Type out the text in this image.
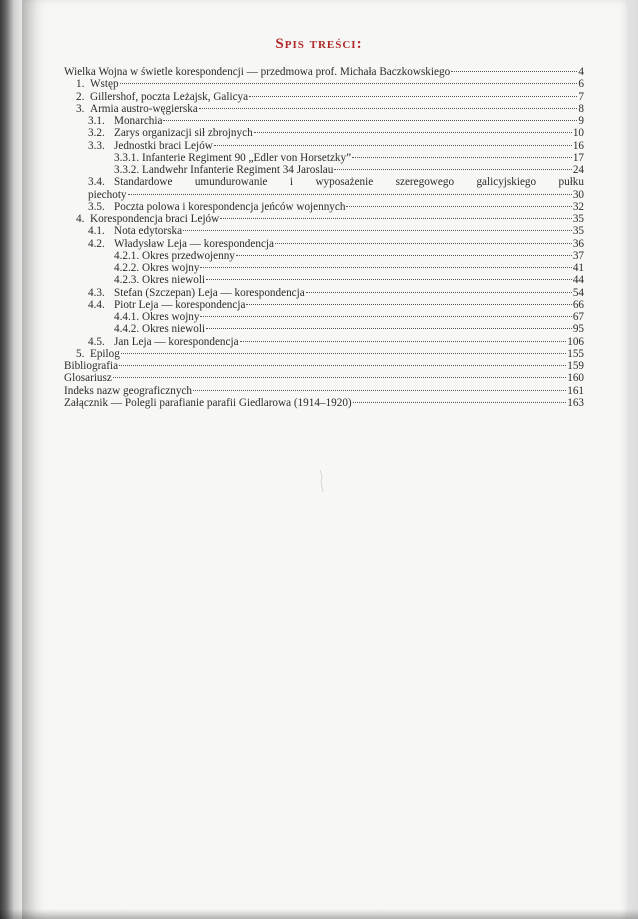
Spis treści:
Wielka Wojna w świetle korespondencji — przedmowa prof. Michała Baczkowskiego	4
1. Wstęp	6
2. Gillershof, poczta Leżajsk, Galicya	7
3. Armia austro-węgierska	8
3.1. Monarchia	9
3.2. Zarys organizacji sił zbrojnych	10
3.3. Jednostki braci Lejów	16
3.3.1. Infanterie Regiment 90 „Edler von Horsetzky”	17
3.3.2. Landwehr Infanterie Regiment 34 Jaroslau	24
3.4. Standardowe umundurowanie i wyposażenie szeregowego galicyjskiego pułku
piechoty	30
3.5. Poczta polowa i korespondencja jeńców wojennych	32
4. Korespondencja braci Lejów	35
4.1. Nota edytorska	35
4.2. Władysław Leja — korespondencja	36
4.2.1. Okres przedwojenny	37
4.2.2. Okres wojny	41
4.2.3. Okres niewoli	44
4.3. Stefan (Szczepan) Leja — korespondencja	54
4.4. Piotr Leja — korespondencja	66
4.4.1. Okres wojny	67
4.4.2. Okres niewoli	95
4.5. Jan Leja — korespondencja	106
5. Epilog	155
Bibliografia	159
Glosariusz	160
Indeks nazw geograficznych	161
Załącznik — Polegli parafianie parafii Giedlarowa (1914–1920)	163
